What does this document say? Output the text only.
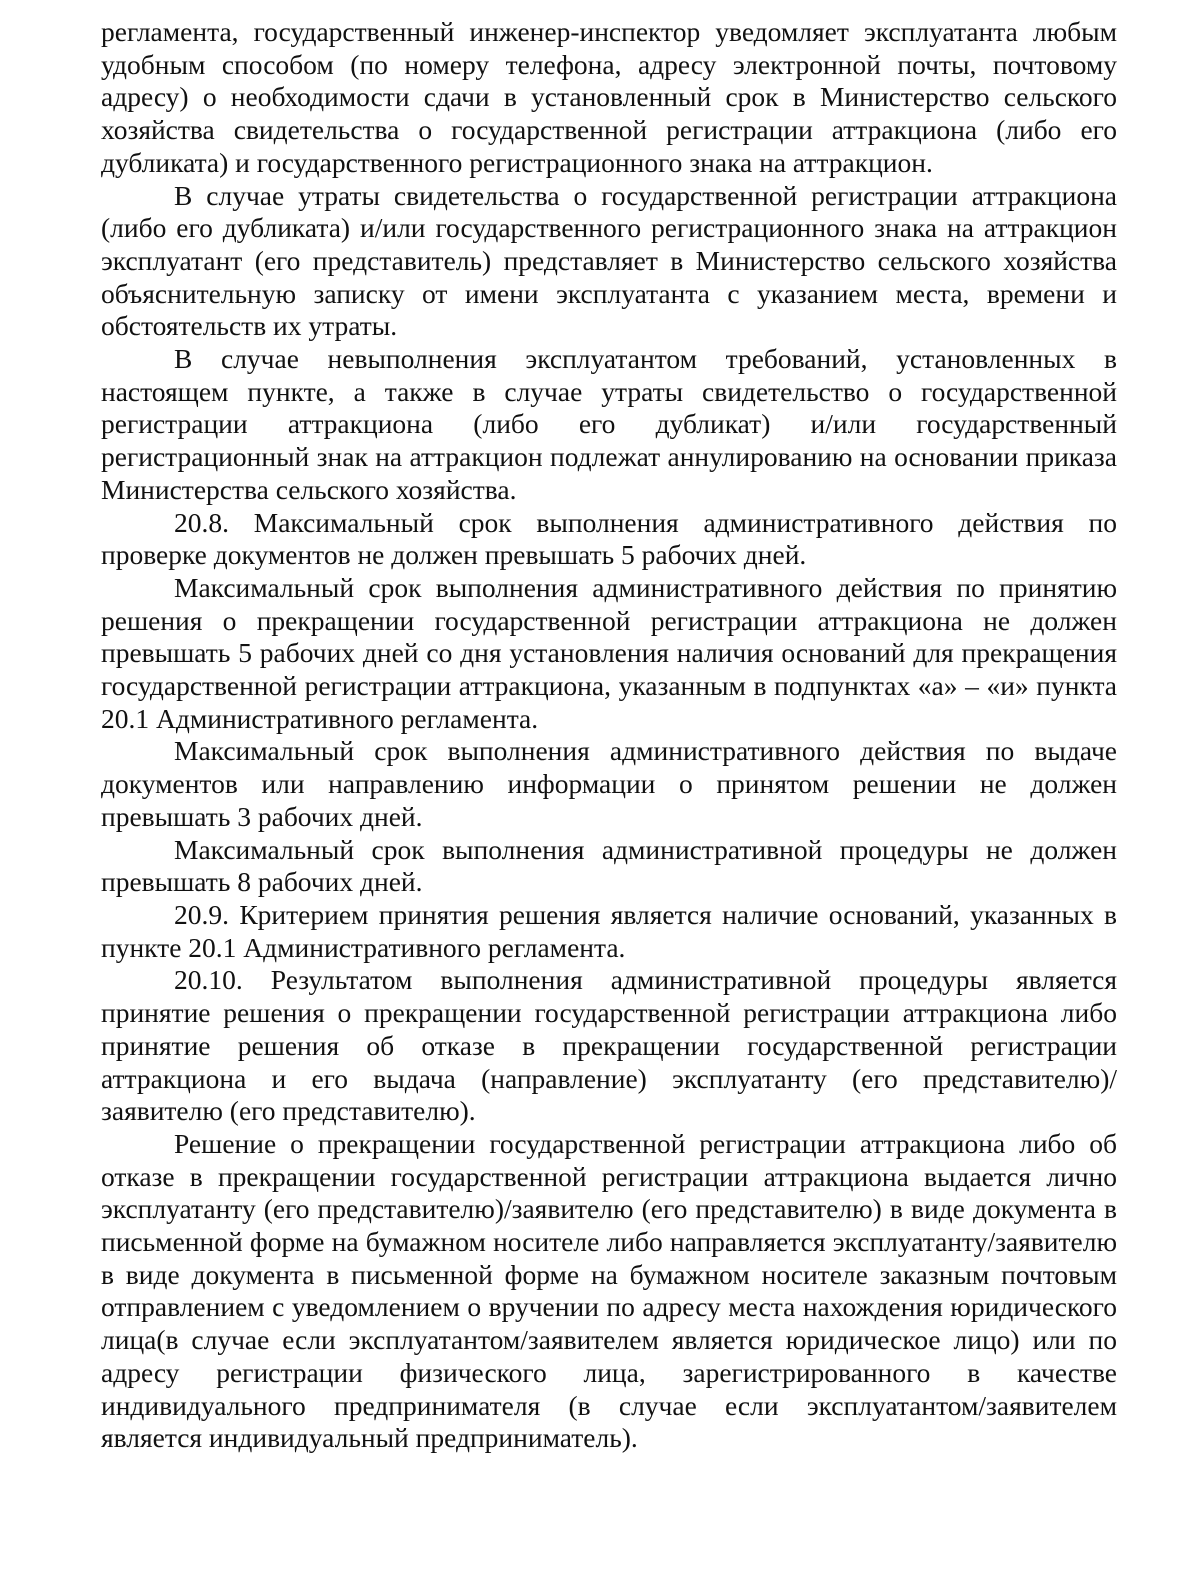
регламента, государственный инженер-инспектор уведомляет эксплуатанта любым удобным способом (по номеру телефона, адресу электронной почты, почтовому адресу) о необходимости сдачи в установленный срок в Министерство сельского хозяйства свидетельства о государственной регистрации аттракциона (либо его дубликата) и государственного регистрационного знака на аттракцион.

В случае утраты свидетельства о государственной регистрации аттракциона (либо его дубликата) и/или государственного регистрационного знака на аттракцион эксплуатант (его представитель) представляет в Министерство сельского хозяйства объяснительную записку от имени эксплуатанта с указанием места, времени и обстоятельств их утраты.

В случае невыполнения эксплуатантом требований, установленных в настоящем пункте, а также в случае утраты свидетельство о государственной регистрации аттракциона (либо его дубликат) и/или государственный регистрационный знак на аттракцион подлежат аннулированию на основании приказа Министерства сельского хозяйства.

20.8. Максимальный срок выполнения административного действия по проверке документов не должен превышать 5 рабочих дней.

Максимальный срок выполнения административного действия по принятию решения о прекращении государственной регистрации аттракциона не должен превышать 5 рабочих дней со дня установления наличия оснований для прекращения государственной регистрации аттракциона, указанным в подпунктах «а» – «и» пункта 20.1 Административного регламента.

Максимальный срок выполнения административного действия по выдаче документов или направлению информации о принятом решении не должен превышать 3 рабочих дней.

Максимальный срок выполнения административной процедуры не должен превышать 8 рабочих дней.

20.9. Критерием принятия решения является наличие оснований, указанных в пункте 20.1 Административного регламента.

20.10. Результатом выполнения административной процедуры является принятие решения о прекращении государственной регистрации аттракциона либо принятие решения об отказе в прекращении государственной регистрации аттракциона и его выдача (направление) эксплуатанту (его представителю)/ заявителю (его представителю).

Решение о прекращении государственной регистрации аттракциона либо об отказе в прекращении государственной регистрации аттракциона выдается лично эксплуатанту (его представителю)/заявителю (его представителю) в виде документа в письменной форме на бумажном носителе либо направляется эксплуатанту/заявителю в виде документа в письменной форме на бумажном носителе заказным почтовым отправлением с уведомлением о вручении по адресу места нахождения юридического лица(в случае если эксплуатантом/заявителем является юридическое лицо) или по адресу регистрации физического лица, зарегистрированного в качестве индивидуального предпринимателя (в случае если эксплуатантом/заявителем является индивидуальный предприниматель).
